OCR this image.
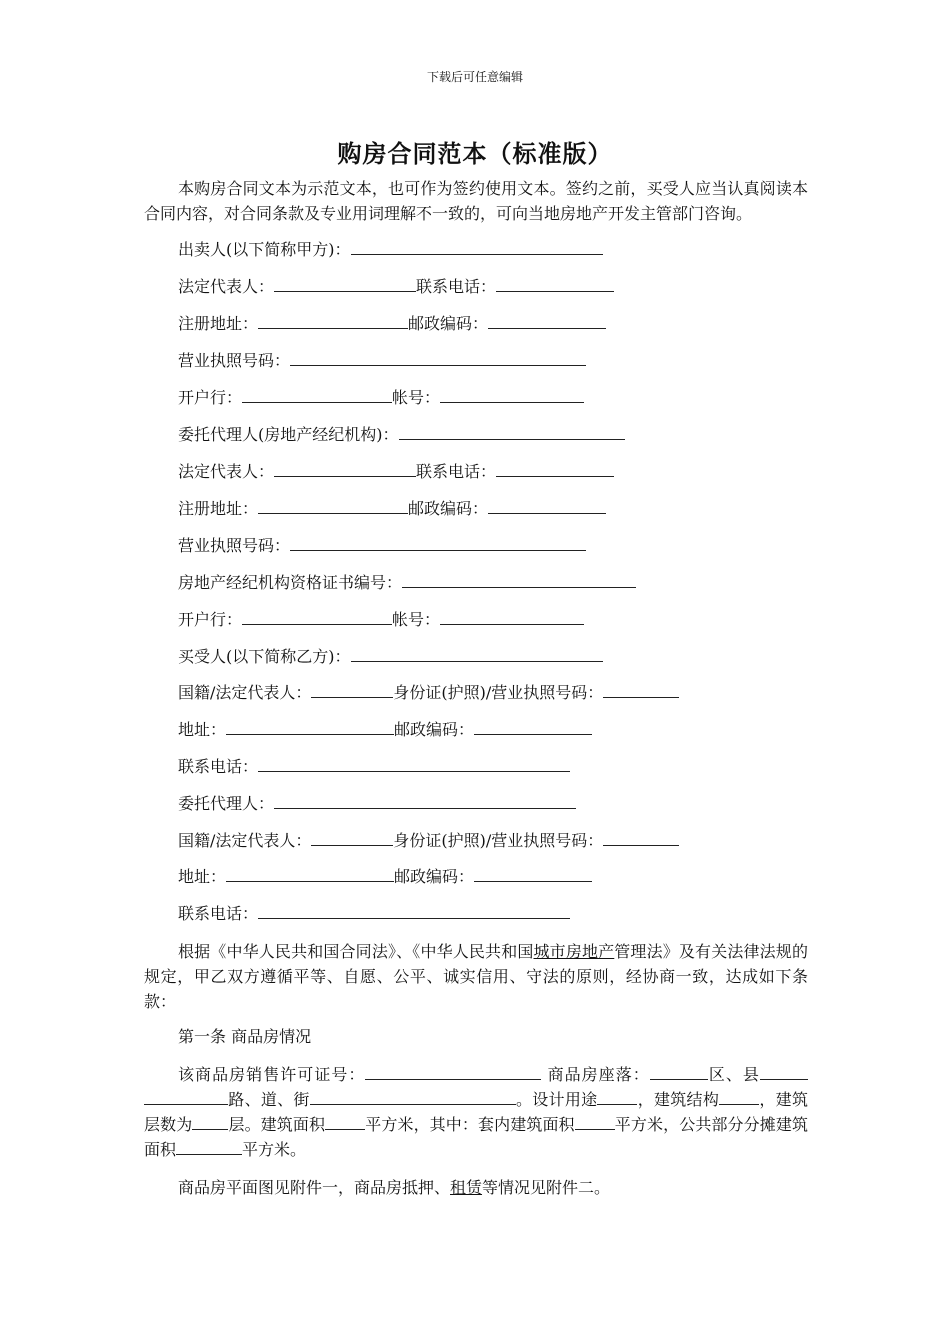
下载后可任意编辑
购房合同范本（标准版）

本购房合同文本为示范文本，也可作为签约使用文本。签约之前，买受人应当认真阅读本合同内容，对合同条款及专业用词理解不一致的，可向当地房地产开发主管部门咨询。

出卖人(以下简称甲方)：
法定代表人：	联系电话：
注册地址：	邮政编码：
营业执照号码：
开户行：	帐号：
委托代理人(房地产经纪机构)：
法定代表人：	联系电话：
注册地址：	邮政编码：
营业执照号码：
房地产经纪机构资格证书编号：
开户行：	帐号：
买受人(以下简称乙方)：
国籍/法定代表人：	身份证(护照)/营业执照号码：
地址：	邮政编码：
联系电话：
委托代理人：
国籍/法定代表人：	身份证(护照)/营业执照号码：
地址：	邮政编码：
联系电话：

根据《中华人民共和国合同法》、《中华人民共和国城市房地产管理法》及有关法律法规的规定，甲乙双方遵循平等、自愿、公平、诚实信用、守法的原则，经协商一致，达成如下条款：

第一条 商品房情况

该商品房销售许可证号：	商品房座落：	区、县路、道、街	。设计用途	，建筑结构	，建筑层数为 层。建筑面积	平方米，其中：套内建筑面积	平方米，公共部分分摊建筑面积	平方米。

商品房平面图见附件一，商品房抵押、租赁等情况见附件二。
